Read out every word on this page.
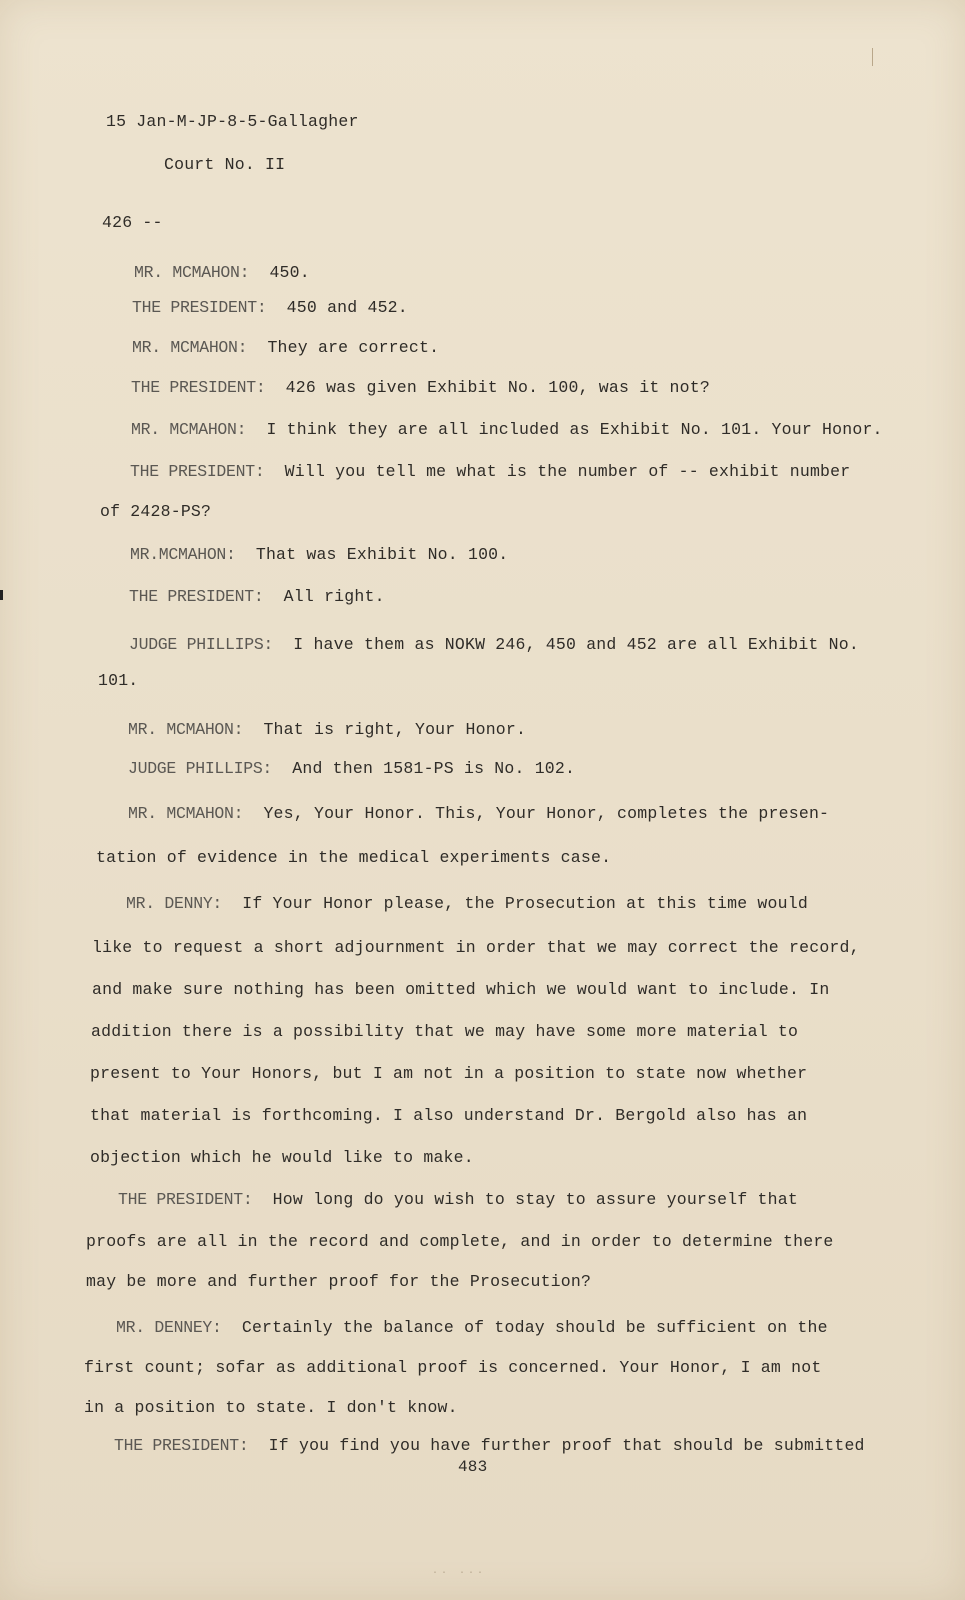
15 Jan-M-JP-8-5-Gallagher
Court No. II
426 --
MR. MCMAHON: 450.
THE PRESIDENT: 450 and 452.
MR. MCMAHON: They are correct.
THE PRESIDENT: 426 was given Exhibit No. 100, was it not?
MR. MCMAHON: I think they are all included as Exhibit No. 101. Your Honor.
THE PRESIDENT: Will you tell me what is the number of -- exhibit number
of 2428-PS?
MR.MCMAHON: That was Exhibit No. 100.
THE PRESIDENT: All right.
JUDGE PHILLIPS: I have them as NOKW 246, 450 and 452 are all Exhibit No.
101.
MR. MCMAHON: That is right, Your Honor.
JUDGE PHILLIPS: And then 1581-PS is No. 102.
MR. MCMAHON: Yes, Your Honor. This, Your Honor, completes the presen-
tation of evidence in the medical experiments case.
MR. DENNY: If Your Honor please, the Prosecution at this time would
like to request a short adjournment in order that we may correct the record,
and make sure nothing has been omitted which we would want to include. In
addition there is a possibility that we may have some more material to
present to Your Honors, but I am not in a position to state now whether
that material is forthcoming. I also understand Dr. Bergold also has an
objection which he would like to make.
THE PRESIDENT: How long do you wish to stay to assure yourself that
proofs are all in the record and complete, and in order to determine there
may be more and further proof for the Prosecution?
MR. DENNEY: Certainly the balance of today should be sufficient on the
first count; sofar as additional proof is concerned. Your Honor, I am not
in a position to state. I don't know.
THE PRESIDENT: If you find you have further proof that should be submitted
483
·· ···
